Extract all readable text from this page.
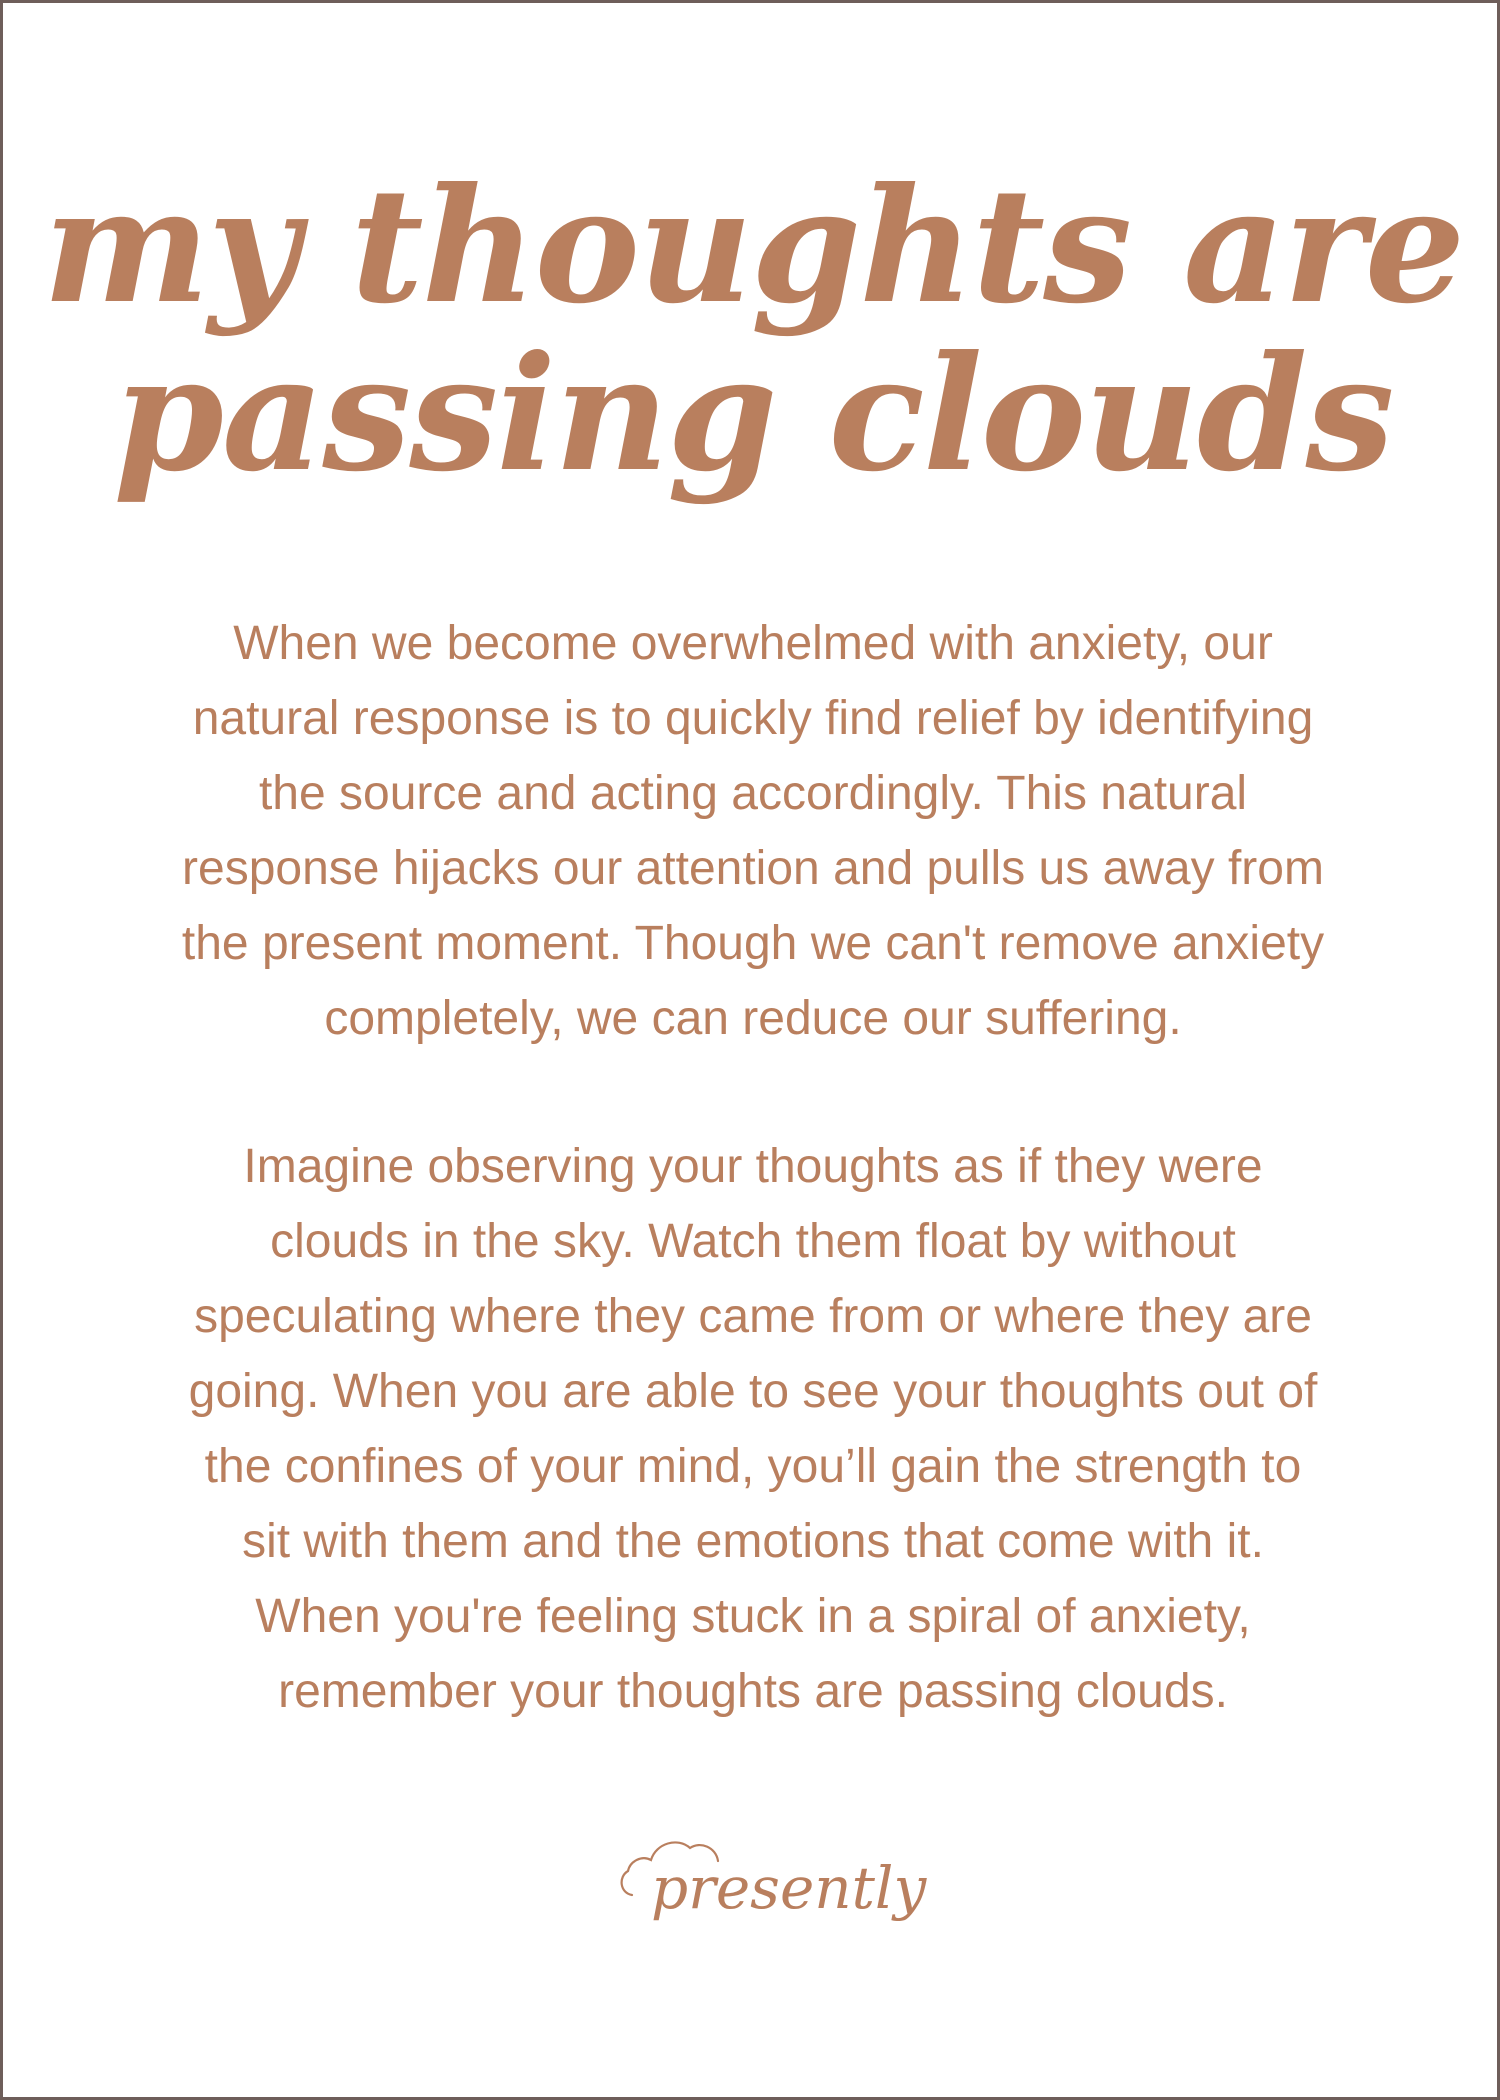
my thoughts are
passing clouds

When we become overwhelmed with anxiety, our
natural response is to quickly find relief by identifying
the source and acting accordingly. This natural
response hijacks our attention and pulls us away from
the present moment. Though we can't remove anxiety
completely, we can reduce our suffering.

Imagine observing your thoughts as if they were
clouds in the sky. Watch them float by without
speculating where they came from or where they are
going. When you are able to see your thoughts out of
the confines of your mind, you’ll gain the strength to
sit with them and the emotions that come with it.
When you're feeling stuck in a spiral of anxiety,
remember your thoughts are passing clouds.

presently
